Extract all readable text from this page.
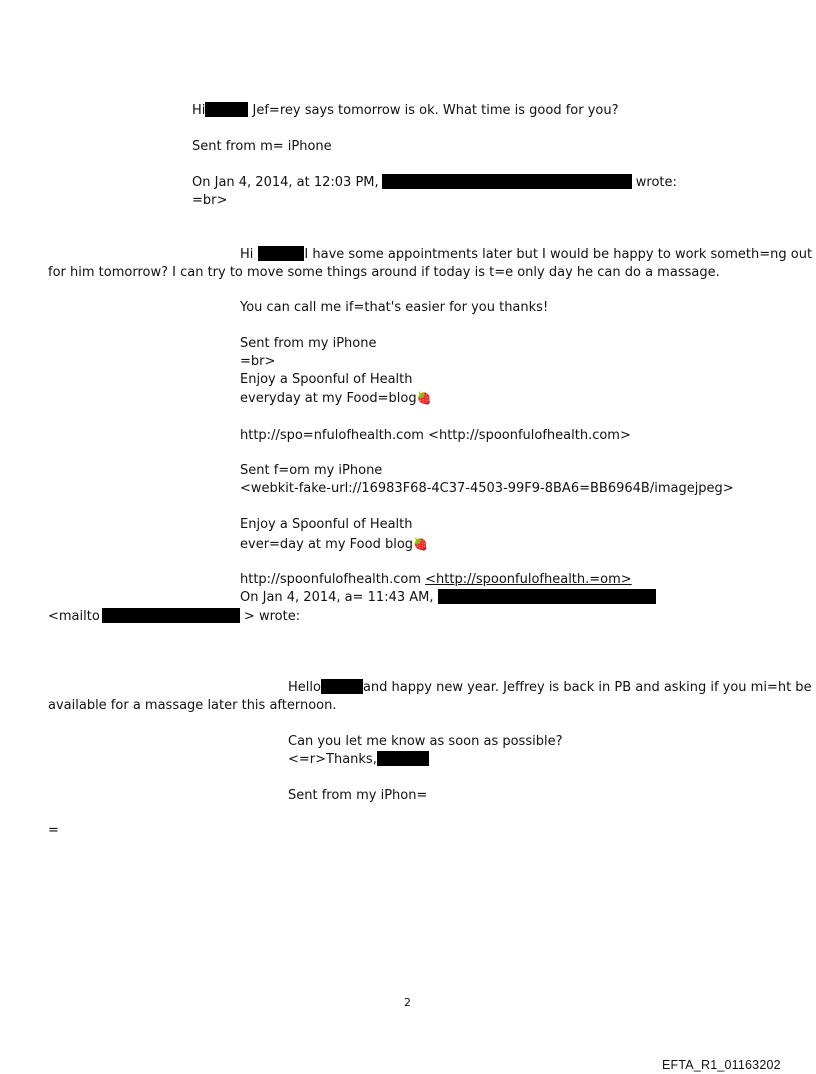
Hi	Jef=rey says tomorrow is ok. What time is good for you?
Sent from m= iPhone
On Jan 4, 2014, at 12:03 PM,	wrote:
=br>
Hi	I have some appointments later but I would be happy to work someth=ng out
for him tomorrow? I can try to move some things around if today is t=e only day he can do a massage.
You can call me if=that's easier for you thanks!
Sent from my iPhone
=br>
Enjoy a Spoonful of Health
everyday at my Food=blog🍓
http://spo=nfulofhealth.com <http://spoonfulofhealth.com>
Sent f=om my iPhone
<webkit-fake-url://16983F68-4C37-4503-99F9-8BA6=BB6964B/imagejpeg>
Enjoy a Spoonful of Health
ever=day at my Food blog🍓
http://spoonfulofhealth.com <http://spoonfulofhealth.=om>
On Jan 4, 2014, a= 11:43 AM,
<mailto	> wrote:
Hello	and happy new year. Jeffrey is back in PB and asking if you mi=ht be
available for a massage later this afternoon.
Can you let me know as soon as possible?
<=r>Thanks,
Sent from my iPhon=
=
2
EFTA_R1_01163202
